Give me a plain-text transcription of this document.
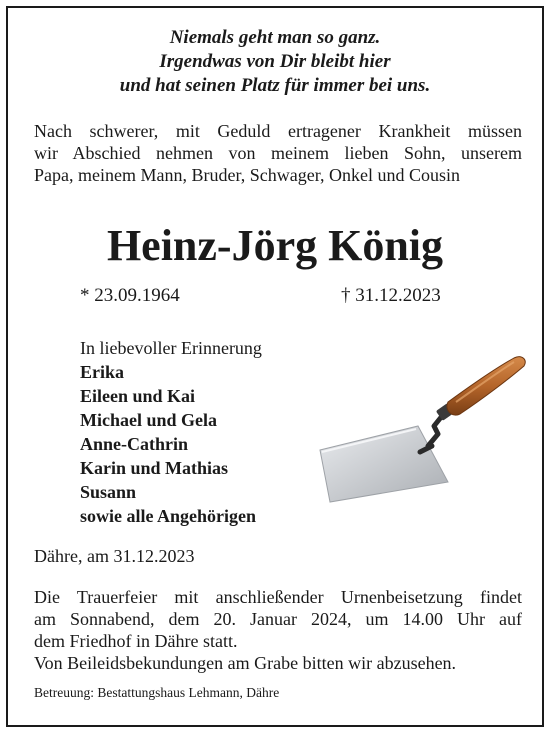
Niemals geht man so ganz.
Irgendwas von Dir bleibt hier
und hat seinen Platz für immer bei uns.
Nach schwerer, mit Geduld ertragener Krankheit müssen
wir Abschied nehmen von meinem lieben Sohn, unserem
Papa, meinem Mann, Bruder, Schwager, Onkel und Cousin
Heinz-Jörg König
* 23.09.1964	† 31.12.2023
In liebevoller Erinnerung
Erika
Eileen und Kai
Michael und Gela
Anne-Cathrin
Karin und Mathias
Susann
sowie alle Angehörigen
Dähre, am 31.12.2023
Die Trauerfeier mit anschließender Urnenbeisetzung findet
am Sonnabend, dem 20. Januar 2024, um 14.00 Uhr auf
dem Friedhof in Dähre statt.
Von Beileidsbekundungen am Grabe bitten wir abzusehen.
Betreuung: Bestattungshaus Lehmann, Dähre
